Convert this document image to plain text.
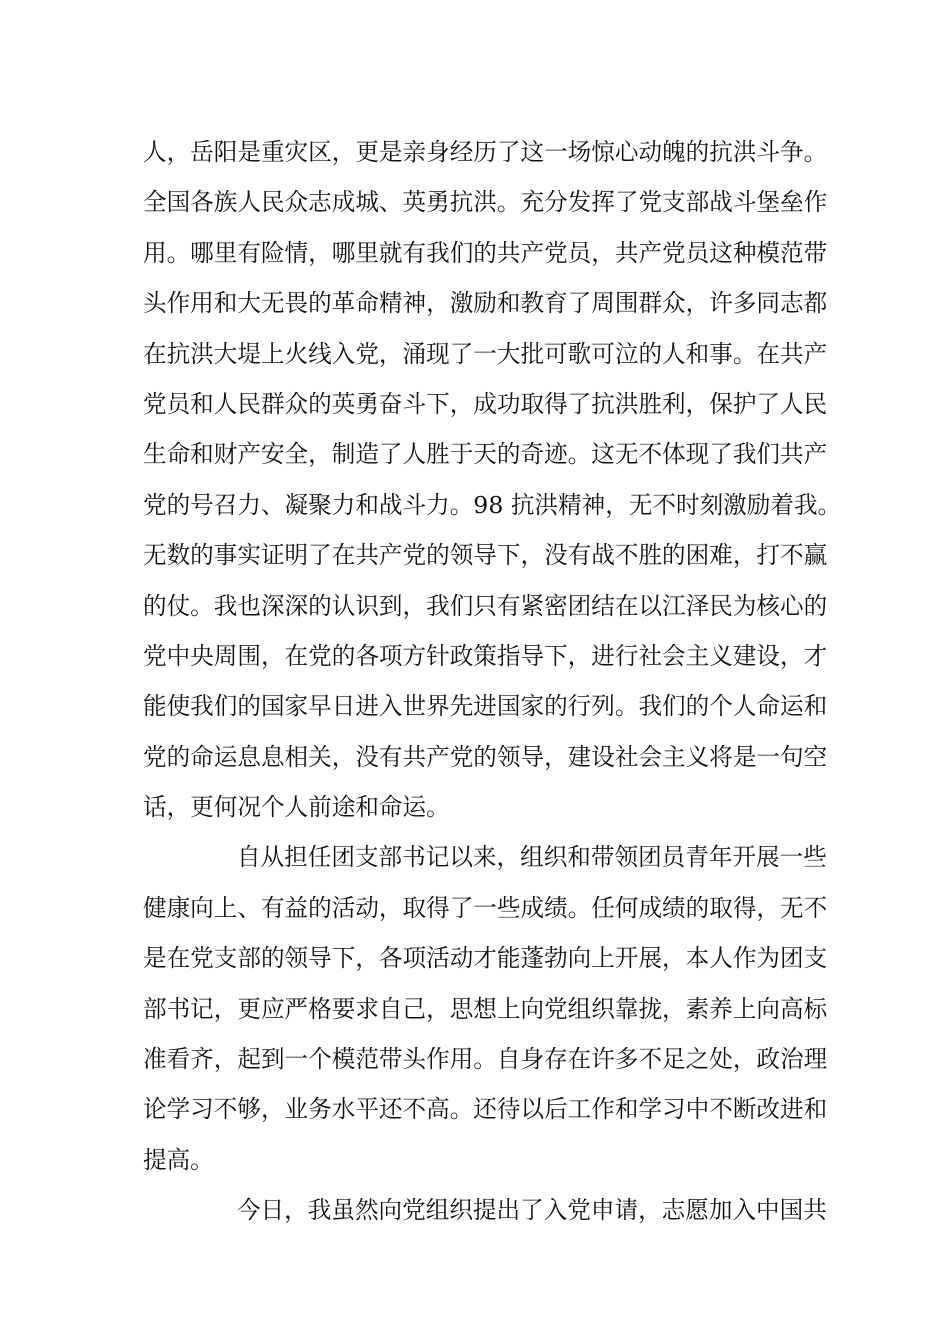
人，岳阳是重灾区，更是亲身经历了这一场惊心动魄的抗洪斗争。
全国各族人民众志成城、英勇抗洪。充分发挥了党支部战斗堡垒作
用。哪里有险情，哪里就有我们的共产党员，共产党员这种模范带
头作用和大无畏的革命精神，激励和教育了周围群众，许多同志都
在抗洪大堤上火线入党，涌现了一大批可歌可泣的人和事。在共产
党员和人民群众的英勇奋斗下，成功取得了抗洪胜利，保护了人民
生命和财产安全，制造了人胜于天的奇迹。这无不体现了我们共产
党的号召力、凝聚力和战斗力。98 抗洪精神，无不时刻激励着我。
无数的事实证明了在共产党的领导下，没有战不胜的困难，打不赢
的仗。我也深深的认识到，我们只有紧密团结在以江泽民为核心的
党中央周围，在党的各项方针政策指导下，进行社会主义建设，才
能使我们的国家早日进入世界先进国家的行列。我们的个人命运和
党的命运息息相关，没有共产党的领导，建设社会主义将是一句空
话，更何况个人前途和命运。
自从担任团支部书记以来，组织和带领团员青年开展一些
健康向上、有益的活动，取得了一些成绩。任何成绩的取得，无不
是在党支部的领导下，各项活动才能蓬勃向上开展，本人作为团支
部书记，更应严格要求自己，思想上向党组织靠拢，素养上向高标
准看齐，起到一个模范带头作用。自身存在许多不足之处，政治理
论学习不够，业务水平还不高。还待以后工作和学习中不断改进和
提高。
今日，我虽然向党组织提出了入党申请，志愿加入中国共
